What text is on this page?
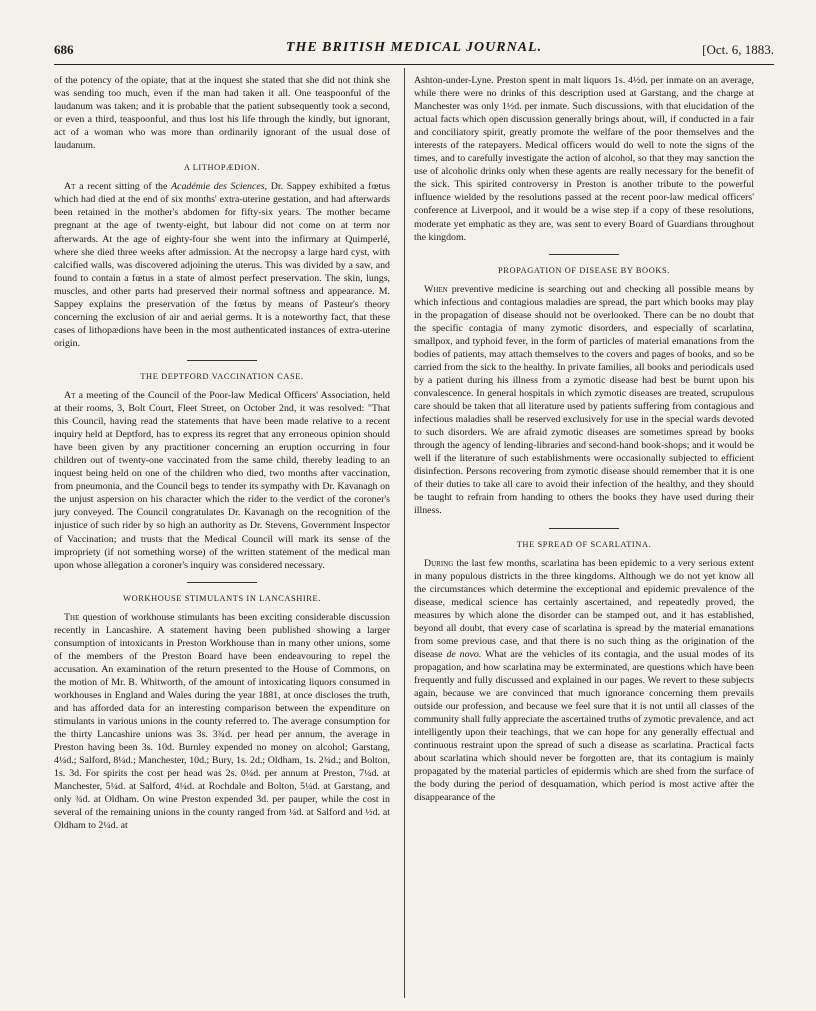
686	THE BRITISH MEDICAL JOURNAL.	[Oct. 6, 1883.

of the potency of the opiate, that at the inquest she stated that she did not think she was sending too much, even if the man had taken it all. One teaspoonful of the laudanum was taken; and it is probable that the patient subsequently took a second, or even a third, teaspoonful, and thus lost his life through the kindly, but ignorant, act of a woman who was more than ordinarily ignorant of the usual dose of laudanum.

A LITHOPÆDION.

At a recent sitting of the Académie des Sciences, Dr. Sappey exhibited a fœtus which had died at the end of six months' extra-uterine gestation, and had afterwards been retained in the mother's abdomen for fifty-six years. The mother became pregnant at the age of twenty-eight, but labour did not come on at term nor afterwards. At the age of eighty-four she went into the infirmary at Quimperlé, where she died three weeks after admission. At the necropsy a large hard cyst, with calcified walls, was discovered adjoining the uterus. This was divided by a saw, and found to contain a fœtus in a state of almost perfect preservation. The skin, lungs, muscles, and other parts had preserved their normal softness and appearance. M. Sappey explains the preservation of the fœtus by means of Pasteur's theory concerning the exclusion of air and aerial germs. It is a noteworthy fact, that these cases of lithopædions have been in the most authenticated instances of extra-uterine origin.

THE DEPTFORD VACCINATION CASE.

At a meeting of the Council of the Poor-law Medical Officers' Association, held at their rooms, 3, Bolt Court, Fleet Street, on October 2nd, it was resolved: "That this Council, having read the statements that have been made relative to a recent inquiry held at Deptford, has to express its regret that any erroneous opinion should have been given by any practitioner concerning an eruption occurring in four children out of twenty-one vaccinated from the same child, thereby leading to an inquest being held on one of the children who died, two months after vaccination, from pneumonia, and the Council begs to tender its sympathy with Dr. Kavanagh on the unjust aspersion on his character which the rider to the verdict of the coroner's jury conveyed. The Council congratulates Dr. Kavanagh on the recognition of the injustice of such rider by so high an authority as Dr. Stevens, Government Inspector of Vaccination; and trusts that the Medical Council will mark its sense of the impropriety (if not something worse) of the written statement of the medical man upon whose allegation a coroner's inquiry was considered necessary.

WORKHOUSE STIMULANTS IN LANCASHIRE.

The question of workhouse stimulants has been exciting considerable discussion recently in Lancashire. A statement having been published showing a larger consumption of intoxicants in Preston Workhouse than in many other unions, some of the members of the Preston Board have been endeavouring to repel the accusation. An examination of the return presented to the House of Commons, on the motion of Mr. B. Whitworth, of the amount of intoxicating liquors consumed in workhouses in England and Wales during the year 1881, at once discloses the truth, and has afforded data for an interesting comparison between the expenditure on stimulants in various unions in the county referred to. The average consumption for the thirty Lancashire unions was 3s. 3¾d. per head per annum, the average in Preston having been 3s. 10d. Burnley expended no money on alcohol; Garstang, 4¼d.; Salford, 8¼d.; Manchester, 10d.; Bury, 1s. 2d.; Oldham, 1s. 2¾d.; and Bolton, 1s. 3d. For spirits the cost per head was 2s. 0¼d. per annum at Preston, 7¼d. at Manchester, 5¼d. at Salford, 4¼d. at Rochdale and Bolton, 5¼d. at Garstang, and only ¾d. at Oldham. On wine Preston expended 3d. per pauper, while the cost in several of the remaining unions in the county ranged from ¼d. at Salford and ½d. at Oldham to 2¼d. at

Ashton-under-Lyne. Preston spent in malt liquors 1s. 4½d. per inmate on an average, while there were no drinks of this description used at Garstang, and the charge at Manchester was only 1½d. per inmate. Such discussions, with that elucidation of the actual facts which open discussion generally brings about, will, if conducted in a fair and conciliatory spirit, greatly promote the welfare of the poor themselves and the interests of the ratepayers. Medical officers would do well to note the signs of the times, and to carefully investigate the action of alcohol, so that they may sanction the use of alcoholic drinks only when these agents are really necessary for the benefit of the sick. This spirited controversy in Preston is another tribute to the powerful influence wielded by the resolutions passed at the recent poor-law medical officers' conference at Liverpool, and it would be a wise step if a copy of these resolutions, moderate yet emphatic as they are, was sent to every Board of Guardians throughout the kingdom.

PROPAGATION OF DISEASE BY BOOKS.

When preventive medicine is searching out and checking all possible means by which infectious and contagious maladies are spread, the part which books may play in the propagation of disease should not be overlooked. There can be no doubt that the specific contagia of many zymotic disorders, and especially of scarlatina, smallpox, and typhoid fever, in the form of particles of material emanations from the bodies of patients, may attach themselves to the covers and pages of books, and so be carried from the sick to the healthy. In private families, all books and periodicals used by a patient during his illness from a zymotic disease had best be burnt upon his convalescence. In general hospitals in which zymotic diseases are treated, scrupulous care should be taken that all literature used by patients suffering from contagious and infectious maladies shall be reserved exclusively for use in the special wards devoted to such disorders. We are afraid zymotic diseases are sometimes spread by books through the agency of lending-libraries and second-hand book-shops; and it would be well if the literature of such establishments were occasionally subjected to efficient disinfection. Persons recovering from zymotic disease should remember that it is one of their duties to take all care to avoid their infection of the healthy, and they should be taught to refrain from handing to others the books they have used during their illness.

THE SPREAD OF SCARLATINA.

During the last few months, scarlatina has been epidemic to a very serious extent in many populous districts in the three kingdoms. Although we do not yet know all the circumstances which determine the exceptional and epidemic prevalence of the disease, medical science has certainly ascertained, and repeatedly proved, the measures by which alone the disorder can be stamped out, and it has established, beyond all doubt, that every case of scarlatina is spread by the material emanations from some previous case, and that there is no such thing as the origination of the disease de novo. What are the vehicles of its contagia, and the usual modes of its propagation, and how scarlatina may be exterminated, are questions which have been frequently and fully discussed and explained in our pages. We revert to these subjects again, because we are convinced that much ignorance concerning them prevails outside our profession, and because we feel sure that it is not until all classes of the community shall fully appreciate the ascertained truths of zymotic prevalence, and act intelligently upon their teachings, that we can hope for any generally effectual and continuous restraint upon the spread of such a disease as scarlatina. Practical facts about scarlatina which should never be forgotten are, that its contagium is mainly propagated by the material particles of epidermis which are shed from the surface of the body during the period of desquamation, which period is most active after the disappearance of the
